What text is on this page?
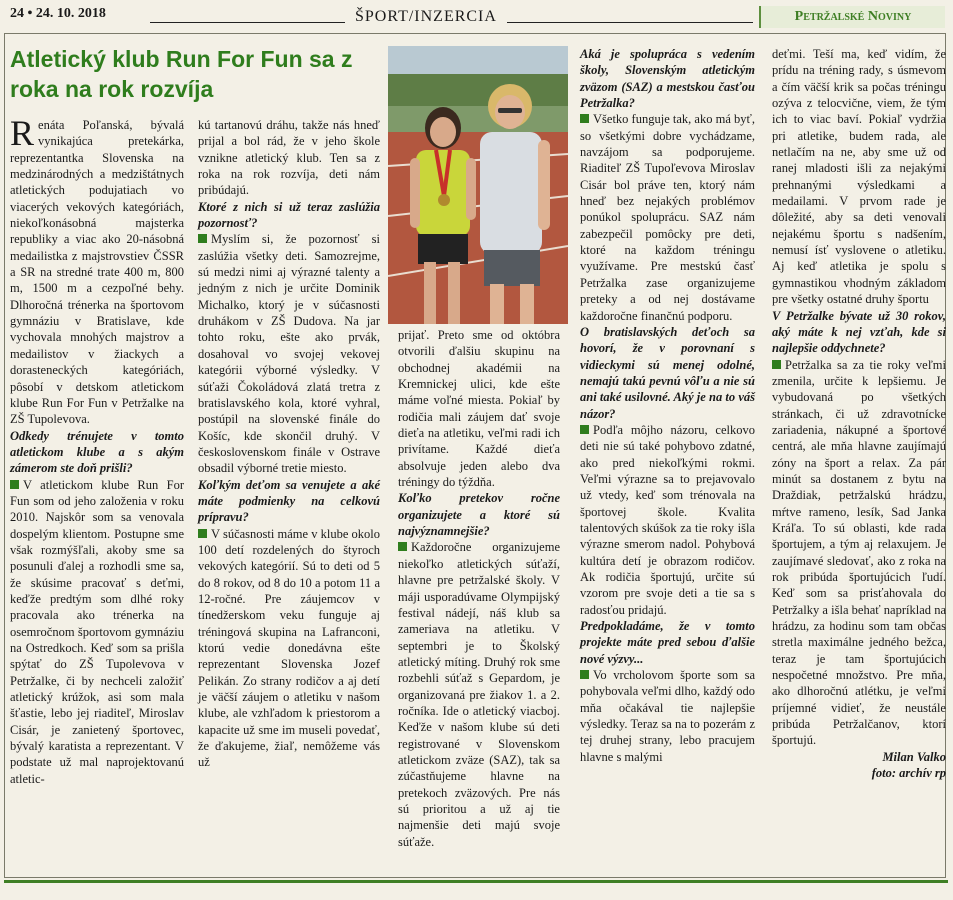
24 • 24. 10. 2018	ŠPORT/INZERCIA	Petržalské Noviny
Atletický klub Run For Fun sa z roka na rok rozvíja

Renáta Poľanská, bývalá vynikajúca pretekárka, reprezentantka Slovenska na medzinárodných a medzištátnych atletických podujatiach vo viacerých vekových kategóriách, niekoľkonásobná majsterka republiky a viac ako 20-násobná medailistka z majstrovstiev ČSSR a SR na stredné trate 400 m, 800 m, 1500 m a cezpoľné behy. Dlhoročná trénerka na športovom gymnáziu v Bratislave, kde vychovala mnohých majstrov a medailistov v žiackych a dorasteneckých kategóriách, pôsobí v detskom atletickom klube Run For Fun v Petržalke na ZŠ Tupolevova.

Odkedy trénujete v tomto atletickom klube a s akým zámerom ste doň prišli?

V atletickom klube Run For Fun som od jeho založenia v roku 2010. Najskôr som sa venovala dospelým klientom. Postupne sme však rozmýšľali, akoby sme sa posunuli ďalej a rozhodli sme sa, že skúsime pracovať s deťmi, keďže predtým som dlhé roky pracovala ako trénerka na osemročnom športovom gymnáziu na Ostredkoch. Keď som sa prišla spýtať do ZŠ Tupolevova v Petržalke, či by nechceli založiť atletický krúžok, asi som mala šťastie, lebo jej riaditeľ, Miroslav Cisár, je zanietený športovec, bývalý karatista a reprezentant. V podstate už mal naprojektovanú atletic-

kú tartanovú dráhu, takže nás hneď prijal a bol rád, že v jeho škole vznikne atletický klub. Ten sa z roka na rok rozvíja, deti nám pribúdajú.

Ktoré z nich si už teraz zaslúžia pozornosť?

Myslím si, že pozornosť si zaslúžia všetky deti. Samozrejme, sú medzi nimi aj výrazné talenty a jedným z nich je určite Dominik Michalko, ktorý je v súčasnosti druhákom v ZŠ Dudova. Na jar tohto roku, ešte ako prvák, dosahoval vo svojej vekovej kategórii výborné výsledky. V súťaži Čokoládová zlatá tretra z bratislavského kola, ktoré vyhral, postúpil na slovenské finále do Košíc, kde skončil druhý. V československom finále v Ostrave obsadil výborné tretie miesto.

Koľkým deťom sa venujete a aké máte podmienky na celkovú prípravu?

V súčasnosti máme v klube okolo 100 detí rozdelených do štyroch vekových kategórií. Sú to deti od 5 do 8 rokov, od 8 do 10 a potom 11 a 12-ročné. Pre záujemcov v tínedžerskom veku funguje aj tréningová skupina na Lafranconi, ktorú vedie donedávna ešte reprezentant Slovenska Jozef Pelikán. Zo strany rodičov a aj detí je väčší záujem o atletiku v našom klube, ale vzhľadom k priestorom a kapacite už sme im museli povedať, že ďakujeme, žiaľ, nemôžeme vás už

prijať. Preto sme od októbra otvorili ďalšiu skupinu na obchodnej akadémii na Kremnickej ulici, kde ešte máme voľné miesta. Pokiaľ by rodičia mali záujem dať svoje dieťa na atletiku, veľmi radi ich privítame. Každé dieťa absolvuje jeden alebo dva tréningy do týždňa.

Koľko pretekov ročne organizujete a ktoré sú najvýznamnejšie?

Každoročne organizujeme niekoľko atletických súťaží, hlavne pre petržalské školy. V máji usporadúvame Olympijský festival nádejí, náš klub sa zameriava na atletiku. V septembri je to Školský atletický míting. Druhý rok sme rozbehli súťaž s Gepardom, je organizovaná pre žiakov 1. a 2. ročníka. Ide o atletický viacboj. Keďže v našom klube sú deti registrované v Slovenskom atletickom zväze (SAZ), tak sa zúčastňujeme hlavne na pretekoch zväzových. Pre nás sú prioritou a už aj tie najmenšie deti majú svoje súťaže.

Aká je spolupráca s vedením školy, Slovenským atletickým zväzom (SAZ) a mestskou časťou Petržalka?

Všetko funguje tak, ako má byť, so všetkými dobre vychádzame, navzájom sa podporujeme. Riaditeľ ZŠ Tupoľevova Miroslav Cisár bol práve ten, ktorý nám hneď bez nejakých problémov ponúkol spoluprácu. SAZ nám zabezpečil pomôcky pre deti, ktoré na každom tréningu využívame. Pre mestskú časť Petržalka zase organizujeme preteky a od nej dostávame každoročne finančnú podporu.

O bratislavských deťoch sa hovorí, že v porovnaní s vidieckymi sú menej odolné, nemajú takú pevnú vôľu a nie sú ani také usilovné. Aký je na to váš názor?

Podľa môjho názoru, celkovo deti nie sú také pohybovo zdatné, ako pred niekoľkými rokmi. Veľmi výrazne sa to prejavovalo už vtedy, keď som trénovala na športovej škole. Kvalita talentových skúšok za tie roky išla výrazne smerom nadol. Pohybová kultúra detí je obrazom rodičov. Ak rodičia športujú, určite sú vzorom pre svoje deti a tie sa s radosťou pridajú.

Predpokladáme, že v tomto projekte máte pred sebou ďalšie nové výzvy...

Vo vrcholovom športe som sa pohybovala veľmi dlho, každý odo mňa očakával tie najlepšie výsledky. Teraz sa na to pozerám z tej druhej strany, lebo pracujem hlavne s malými

deťmi. Teší ma, keď vidím, že prídu na tréning rady, s úsmevom a čím väčší krik sa počas tréningu ozýva z telocvične, viem, že tým ich to viac baví. Pokiaľ vydržia pri atletike, budem rada, ale netlačím na ne, aby sme už od ranej mladosti išli za nejakými prehnanými výsledkami a medailami. V prvom rade je dôležité, aby sa deti venovali nejakému športu s nadšením, nemusí ísť vyslovene o atletiku. Aj keď atletika je spolu s gymnastikou vhodným základom pre všetky ostatné druhy športu

V Petržalke bývate už 30 rokov, aký máte k nej vzťah, kde si najlepšie oddychnete?

Petržalka sa za tie roky veľmi zmenila, určite k lepšiemu. Je vybudovaná po všetkých stránkach, či už zdravotnícke zariadenia, nákupné a športové centrá, ale mňa hlavne zaujímajú zóny na šport a relax. Za pár minút sa dostanem z bytu na Draždiak, petržalskú hrádzu, mŕtve rameno, lesík, Sad Janka Kráľa. To sú oblasti, kde rada športujem, a tým aj relaxujem. Je zaujímavé sledovať, ako z roka na rok pribúda športujúcich ľudí. Keď som sa prisťahovala do Petržalky a išla behať napríklad na hrádzu, za hodinu som tam občas stretla maximálne jedného bežca, teraz je tam športujúcich nespočetné množstvo. Pre mňa, ako dlhoročnú atlétku, je veľmi príjemné vidieť, že neustále pribúda Petržalčanov, ktorí športujú.

Milan Valko

foto: archív rp
